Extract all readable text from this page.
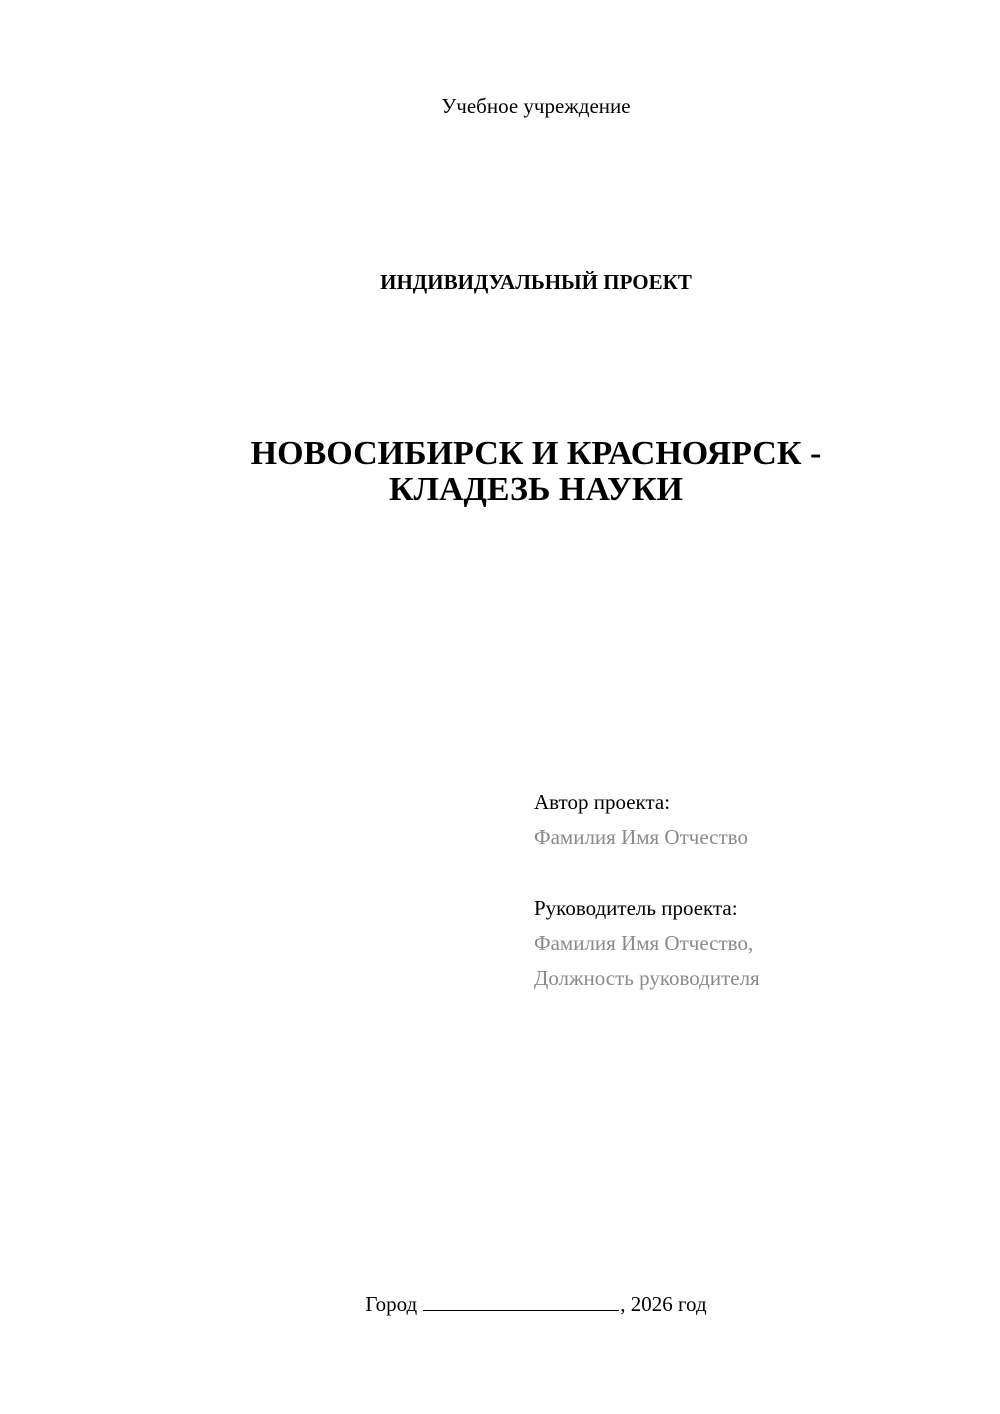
Учебное учреждение
ИНДИВИДУАЛЬНЫЙ ПРОЕКТ
НОВОСИБИРСК И КРАСНОЯРСК -
КЛАДЕЗЬ НАУКИ
Автор проекта:
Фамилия Имя Отчество
Руководитель проекта:
Фамилия Имя Отчество,
Должность руководителя
Город	, 2026 год
